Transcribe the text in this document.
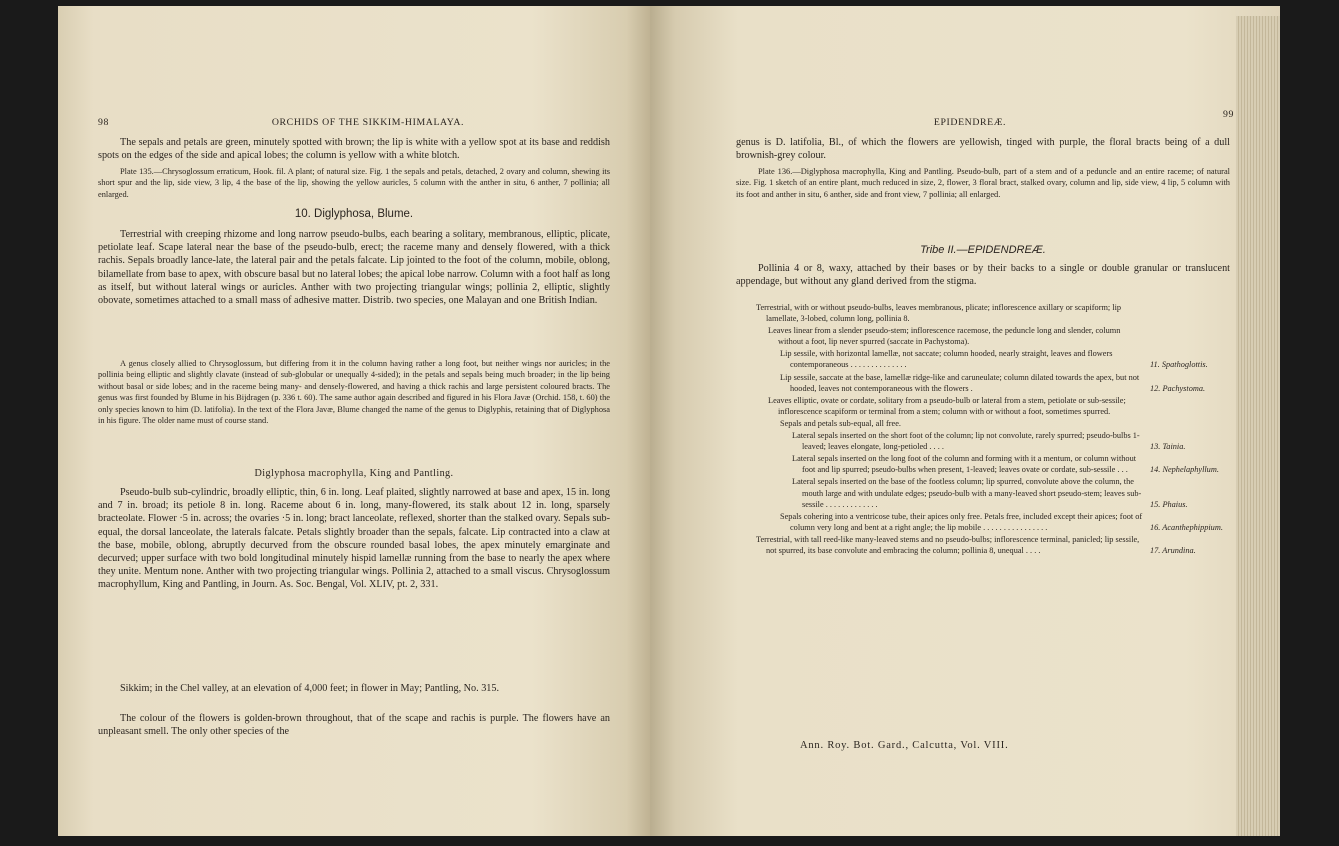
98	ORCHIDS OF THE SIKKIM-HIMALAYA.
The sepals and petals are green, minutely spotted with brown; the lip is white with a yellow spot at its base and reddish spots on the edges of the side and apical lobes; the column is yellow with a white blotch.
Plate 135.—Chrysoglossum erraticum, Hook. fil. A plant; of natural size. Fig. 1 the sepals and petals, detached, 2 ovary and column, shewing its short spur and the lip, side view, 3 lip, 4 the base of the lip, showing the yellow auricles, 5 column with the anther in situ, 6 anther, 7 pollinia; all enlarged.
10. Diglyphosa, Blume.
Terrestrial with creeping rhizome and long narrow pseudo-bulbs, each bearing a solitary, membranous, elliptic, plicate, petiolate leaf. Scape lateral near the base of the pseudo-bulb, erect; the raceme many and densely flowered, with a thick rachis. Sepals broadly lance-late, the lateral pair and the petals falcate. Lip jointed to the foot of the column, mobile, oblong, bilamellate from base to apex, with obscure basal but no lateral lobes; the apical lobe narrow. Column with a foot half as long as itself, but without lateral wings or auricles. Anther with two projecting triangular wings; pollinia 2, elliptic, slightly obovate, sometimes attached to a small mass of adhesive matter. Distrib. two species, one Malayan and one British Indian.
A genus closely allied to Chrysoglossum, but differing from it in the column having rather a long foot, but neither wings nor auricles; in the pollinia being elliptic and slightly clavate (instead of sub-globular or unequally 4-sided); in the petals and sepals being much broader; in the lip being without basal or side lobes; and in the raceme being many- and densely-flowered, and having a thick rachis and large persistent coloured bracts. The genus was first founded by Blume in his Bijdragen (p. 336 t. 60). The same author again described and figured in his Flora Javæ (Orchid. 158, t. 60) the only species known to him (D. latifolia). In the text of the Flora Javæ, Blume changed the name of the genus to Diglyphis, retaining that of Diglyphosa in his figure. The older name must of course stand.
Diglyphosa macrophylla, King and Pantling.
Pseudo-bulb sub-cylindric, broadly elliptic, thin, 6 in. long. Leaf plaited, slightly narrowed at base and apex, 15 in. long and 7 in. broad; its petiole 8 in. long. Raceme about 6 in. long, many-flowered, its stalk about 12 in. long, sparsely bracteolate. Flower ·5 in. across; the ovaries ·5 in. long; bract lanceolate, reflexed, shorter than the stalked ovary. Sepals sub-equal, the dorsal lanceolate, the laterals falcate. Petals slightly broader than the sepals, falcate. Lip contracted into a claw at the base, mobile, oblong, abruptly decurved from the obscure rounded basal lobes, the apex minutely emarginate and decurved; upper surface with two bold longitudinal minutely hispid lamellæ running from the base to nearly the apex where they unite. Mentum none. Anther with two projecting triangular wings. Pollinia 2, attached to a small viscus. Chrysoglossum macrophyllum, King and Pantling, in Journ. As. Soc. Bengal, Vol. XLIV, pt. 2, 331.
Sikkim; in the Chel valley, at an elevation of 4,000 feet; in flower in May; Pantling, No. 315.
The colour of the flowers is golden-brown throughout, that of the scape and rachis is purple. The flowers have an unpleasant smell. The only other species of the
EPIDENDREÆ.
99
genus is D. latifolia, Bl., of which the flowers are yellowish, tinged with purple, the floral bracts being of a dull brownish-grey colour.
Plate 136.—Diglyphosa macrophylla, King and Pantling. Pseudo-bulb, part of a stem and of a peduncle and an entire raceme; of natural size. Fig. 1 sketch of an entire plant, much reduced in size, 2, flower, 3 floral bract, stalked ovary, column and lip, side view, 4 lip, 5 column with its foot and anther in situ, 6 anther, side and front view, 7 pollinia; all enlarged.
Tribe II.—EPIDENDREÆ.
Pollinia 4 or 8, waxy, attached by their bases or by their backs to a single or double granular or translucent appendage, but without any gland derived from the stigma.
Terrestrial, with or without pseudo-bulbs, leaves membranous, plicate; inflorescence axillary or scapiform; lip lamellate, 3-lobed, column long, pollinia 8.
Leaves linear from a slender pseudo-stem; inflorescence racemose, the peduncle long and slender, column without a foot, lip never spurred (saccate in Pachystoma).
Lip sessile, with horizontal lamellæ, not saccate; column hooded, nearly straight, leaves and flowers contemporaneous . . . . . . . . . . . . . .	11. Spathoglottis.
Lip sessile, saccate at the base, lamellæ ridge-like and caruneulate; column dilated towards the apex, but not hooded, leaves not contemporaneous with the flowers .	12. Pachystoma.
Leaves elliptic, ovate or cordate, solitary from a pseudo-bulb or lateral from a stem, petiolate or sub-sessile; inflorescence scapiform or terminal from a stem; column with or without a foot, sometimes spurred.
Sepals and petals sub-equal, all free.
Lateral sepals inserted on the short foot of the column; lip not convolute, rarely spurred; pseudo-bulbs 1-leaved; leaves elongate, long-petioled . . . .	13. Tainia.
Lateral sepals inserted on the long foot of the column and forming with it a mentum, or column without foot and lip spurred; pseudo-bulbs when present, 1-leaved; leaves ovate or cordate, sub-sessile . . .	14. Nephelaphyllum.
Lateral sepals inserted on the base of the footless column; lip spurred, convolute above the column, the mouth large and with undulate edges; pseudo-bulb with a many-leaved short pseudo-stem; leaves sub-sessile . . . . . . . . . . . . .	15. Phaius.
Sepals cohering into a ventricose tube, their apices only free. Petals free, included except their apices; foot of column very long and bent at a right angle; the lip mobile . . . . . . . . . . . . . . . .	16. Acanthephippium.
Terrestrial, with tall reed-like many-leaved stems and no pseudo-bulbs; inflorescence terminal, panicled; lip sessile, not spurred, its base convolute and embracing the column; pollinia 8, unequal . . . .	17. Arundina.
Ann. Roy. Bot. Gard., Calcutta, Vol. VIII.
